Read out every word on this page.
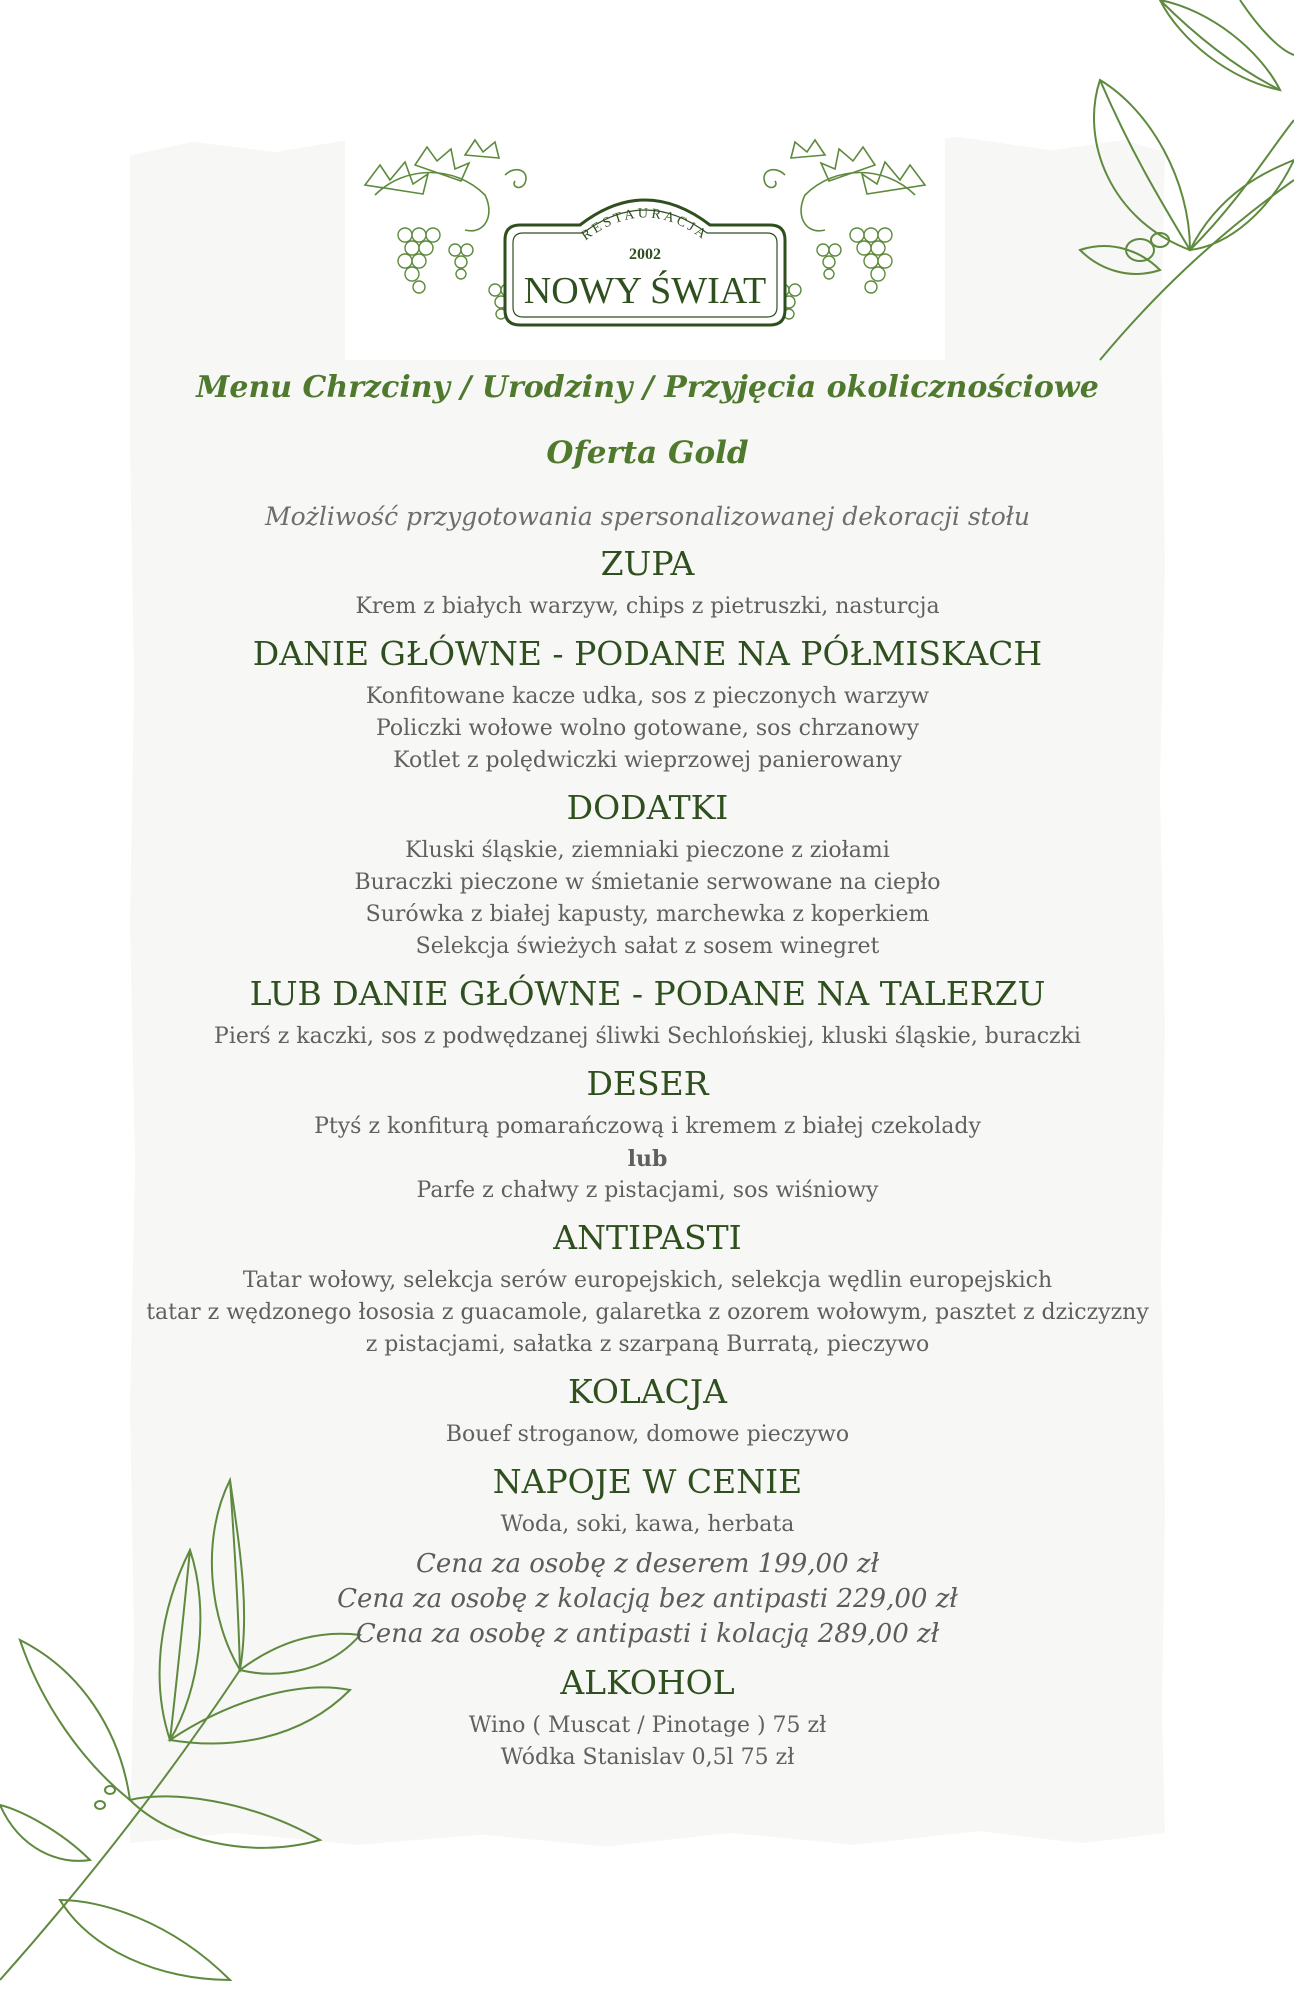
RESTAURACJA
2002
NOWY ŚWIAT

Menu Chrzciny / Urodziny / Przyjęcia okolicznościowe

Oferta Gold

Możliwość przygotowania spersonalizowanej dekoracji stołu

ZUPA

Krem z białych warzyw, chips z pietruszki, nasturcja

DANIE GŁÓWNE - PODANE NA PÓŁMISKACH

Konfitowane kacze udka, sos z pieczonych warzyw

Policzki wołowe wolno gotowane, sos chrzanowy

Kotlet z polędwiczki wieprzowej panierowany

DODATKI

Kluski śląskie, ziemniaki pieczone z ziołami

Buraczki pieczone w śmietanie serwowane na ciepło

Surówka z białej kapusty, marchewka z koperkiem

Selekcja świeżych sałat z sosem winegret

LUB DANIE GŁÓWNE - PODANE NA TALERZU

Pierś z kaczki, sos z podwędzanej śliwki Sechlońskiej, kluski śląskie, buraczki

DESER

Ptyś z konfiturą pomarańczową i kremem z białej czekolady

lub

Parfe z chałwy z pistacjami, sos wiśniowy

ANTIPASTI

Tatar wołowy, selekcja serów europejskich, selekcja wędlin europejskich

tatar z wędzonego łososia z guacamole, galaretka z ozorem wołowym, pasztet z dziczyzny

z pistacjami, sałatka z szarpaną Burratą, pieczywo

KOLACJA

Bouef stroganow, domowe pieczywo

NAPOJE W CENIE

Woda, soki, kawa, herbata

Cena za osobę z deserem 199,00 zł

Cena za osobę z kolacją bez antipasti 229,00 zł

Cena za osobę z antipasti i kolacją 289,00 zł

ALKOHOL

Wino ( Muscat / Pinotage ) 75 zł

Wódka Stanislav 0,5l 75 zł
